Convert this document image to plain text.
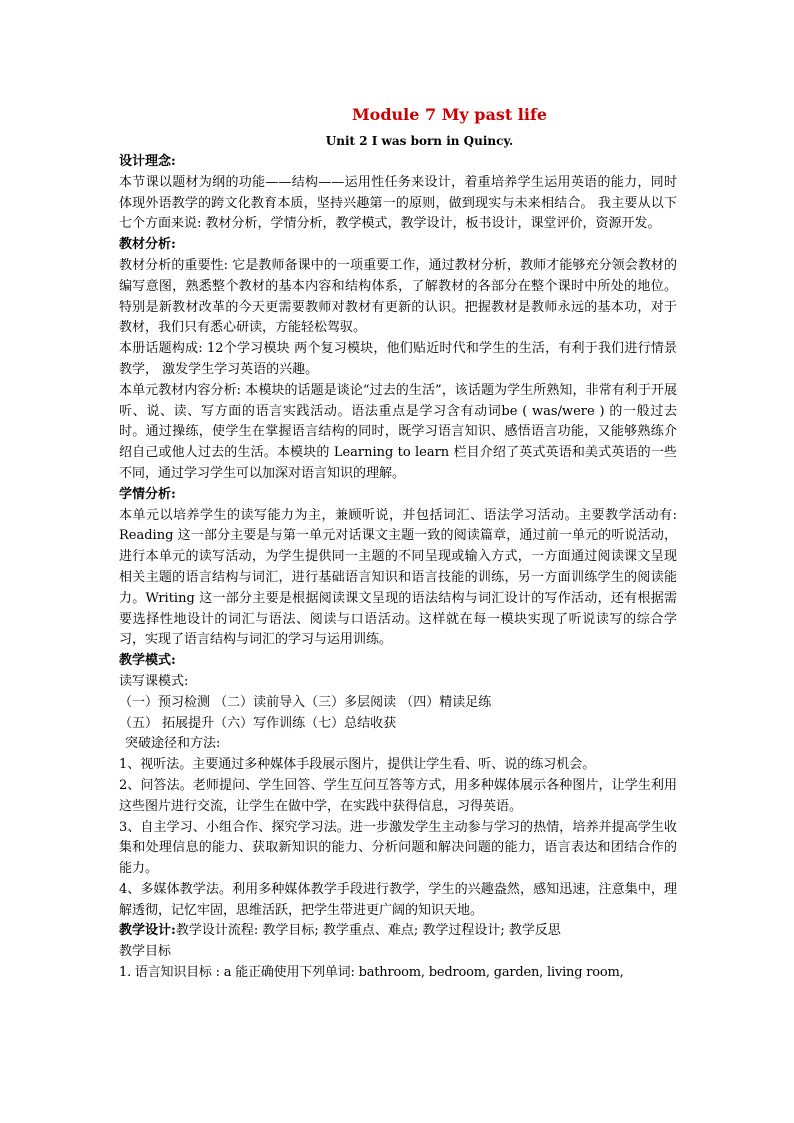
Module 7 My past life
Unit 2 I was born in Quincy.

设计理念:

本节课以题材为纲的功能——结构——运用性任务来设计，着重培养学生运用英语的能力，同时体现外语教学的跨文化教育本质，坚持兴趣第一的原则，做到现实与未来相结合。 我主要从以下七个方面来说: 教材分析，学情分析，教学模式，教学设计，板书设计，课堂评价，资源开发。

教材分析:

教材分析的重要性: 它是教师备课中的一项重要工作，通过教材分析，教师才能够充分领会教材的编写意图，熟悉整个教材的基本内容和结构体系，了解教材的各部分在整个课时中所处的地位。特别是新教材改革的今天更需要教师对教材有更新的认识。把握教材是教师永远的基本功，对于教材，我们只有悉心研读，方能轻松驾驭。

本册话题构成: 12个学习模块 两个复习模块，他们贴近时代和学生的生活，有利于我们进行情景教学， 激发学生学习英语的兴趣。

本单元教材内容分析: 本模块的话题是谈论“过去的生活”，该话题为学生所熟知，非常有利于开展听、说、读、写方面的语言实践活动。语法重点是学习含有动词be ( was/were ) 的一般过去时。通过操练，使学生在掌握语言结构的同时，既学习语言知识、感悟语言功能，又能够熟练介绍自己或他人过去的生活。本模块的 Learning to learn 栏目介绍了英式英语和美式英语的一些不同，通过学习学生可以加深对语言知识的理解。

学情分析:

本单元以培养学生的读写能力为主，兼顾听说，并包括词汇、语法学习活动。主要教学活动有: Reading 这一部分主要是与第一单元对话课文主题一致的阅读篇章，通过前一单元的听说活动，进行本单元的读写活动，为学生提供同一主题的不同呈现或输入方式，一方面通过阅读课文呈现相关主题的语言结构与词汇，进行基础语言知识和语言技能的训练，另一方面训练学生的阅读能力。Writing 这一部分主要是根据阅读课文呈现的语法结构与词汇设计的写作活动，还有根据需要选择性地设计的词汇与语法、阅读与口语活动。这样就在每一模块实现了听说读写的综合学习，实现了语言结构与词汇的学习与运用训练。

教学模式:

读写课模式:

（一）预习检测 （二）读前导入（三）多层阅读 （四）精读足练

（五） 拓展提升（六）写作训练（七）总结收获

突破途径和方法:

1、视听法。主要通过多种媒体手段展示图片，提供让学生看、听、说的练习机会。

2、问答法。老师提问、学生回答、学生互问互答等方式，用多种媒体展示各种图片，让学生利用这些图片进行交流，让学生在做中学，在实践中获得信息，习得英语。

3、自主学习、小组合作、探究学习法。进一步激发学生主动参与学习的热情，培养并提高学生收集和处理信息的能力、获取新知识的能力、分析问题和解决问题的能力，语言表达和团结合作的能力。

4、多媒体教学法。利用多种媒体教学手段进行教学，学生的兴趣盎然，感知迅速，注意集中，理解透彻，记忆牢固，思维活跃，把学生带进更广阔的知识天地。

教学设计:教学设计流程: 教学目标; 教学重点、难点; 教学过程设计; 教学反思

教学目标

1. 语言知识目标 : a 能正确使用下列单词: bathroom, bedroom, garden, living room,
